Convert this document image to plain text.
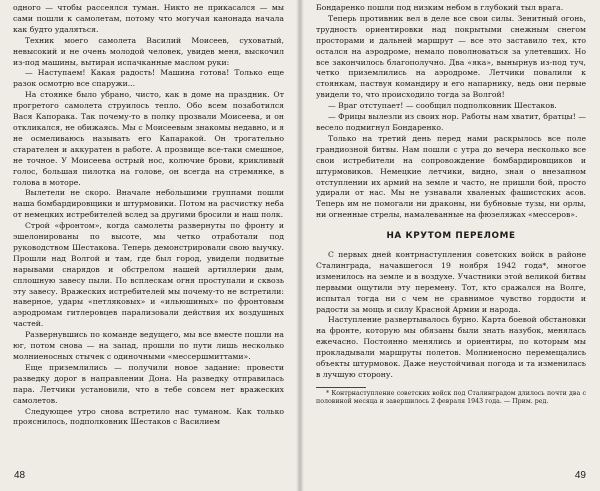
одного — чтобы рассеялся туман. Никто не прикасался — мы сами пошли к самолетам, потому что могучая канонада начала как будто удаляться.

Техник моего самолета Василий Моисеев, суховатый, невысокий и не очень молодой человек, увидев меня, выскочил из-под машины, вытирая испачканные маслом руки:

— Наступаем! Какая радость! Машина готова! Только еще разок осмотрю все спаружи...

На стоянке было убрано, чисто, как в доме на праздник. От прогретого самолета струилось тепло. Обо всем позаботился Вася Капорака. Так почему-то в полку прозвали Моисеева, и он откликался, не обижаясь. Мы с Моисеевым знакомы недавно, и я не осмеливаюсь называть его Капаракой. Он трогательно старателен и аккуратен в работе. А прозвище все-таки смешное, не точное. У Моисеева острый нос, колючие брови, крикливый голос, большая пилотка на голове, он всегда на стремянке, в голова в моторе.

Вылетели не скоро. Вначале небольшими группами пошли наша бомбардировщики и штурмовики. Потом на расчистку неба от немецких истребителей вслед за другими бросили и наш полк.

Строй «фронтом», когда самолеты развернуты по фронту и эшелонированы по высоте, мы четко отработали под руководством Шестакова. Теперь демонстрировали свою выучку. Прошли над Волгой и там, где был город, увидели подвитые нарывами снарядов и обстрелом нашей артиллерии дым, сплошную завесу пыли. По всплескам огня проступали и сквозь эту завесу. Вражеских истребителей мы почему-то не встретили: наверное, удары «петляковых» и «ильюшиных» по фронтовым аэродромам гитлеровцев парализовали действия их воздушных частей.

Развернувшись по команде ведущего, мы все вместе пошли на юг, потом снова — на запад, прошли по пути лишь несколько молниеносных стычек с одиночными «мессершмиттами».

Еще приземлились — получили новое задание: провести разведку дорог в направлении Дона. На разведку отправилась пара. Летчики установили, что в тебе совсем нет вражеских самолетов.

Следующее утро снова встретило нас туманом. Как только прояснилось, подполковник Шестаков с Василием

48

Бондаренко пошли под низким небом в глубокий тыл врага.

Теперь противник вел в деле все свои силы. Зенитный огонь, трудность ориентировки над покрытыми снежным снегом просторами и дальней маршрут — все это заставило тех, кто остался на аэродроме, немало поволноваться за улетевших. Но все закончилось благополучно. Два «яка», вынырнув из-под туч, четко приземлились на аэродроме. Летчики повалили к стоянкам, паствуя командиру и его напарнику, ведь они первые увидели то, что происходило тогда за Волгой!

— Враг отступает! — сообщил подполковник Шестаков.

— Фрицы вылезли из своих нор. Работы нам хватит, братцы! — весело подмигнул Бондаренко.

Только на третий день перед нами раскрылось все поле грандиозной битвы. Нам пошли с утра до вечера несколько все свои истребители на сопровождение бомбардировщиков и штурмовиков. Немецкие летчики, видно, зная о внезапном отступлении их армий на земле и часто, не пришли бой, просто удирали от нас. Мы не узнавали хваленых фашистских асов. Теперь им не помогали ни драконы, ни бубновые тузы, ни орлы, ни огненные стрелы, намалеванные на фюзеляжах «мессеров».

НА КРУТОМ ПЕРЕЛОМЕ

С первых дней контрнаступления советских войск в районе Сталинграда, начавшегося 19 ноября 1942 года*, многое изменилось на земле и в воздухе. Участники этой великой битвы первыми ощутили эту перемену. Тот, кто сражался на Волге, испытал тогда ни с чем не сравнимое чувство гордости и радости за мощь и силу Красной Армии и народа.

Наступление развертывалось бурно. Карта боевой обстановки на фронте, которую мы обязаны были знать назубок, менялась ежечасно. Постоянно менялись и ориентиры, по которым мы прокладывали маршруты полетов. Молниеносно перемещались объекты штурмовок. Даже неустойчивая погода и та изменилась в лучшую сторону.

* Контрнаступление советских войск под Сталинградом длилось почти два с половиной месяца и завершилось 2 февраля 1943 года. — Прим. ред.
49
